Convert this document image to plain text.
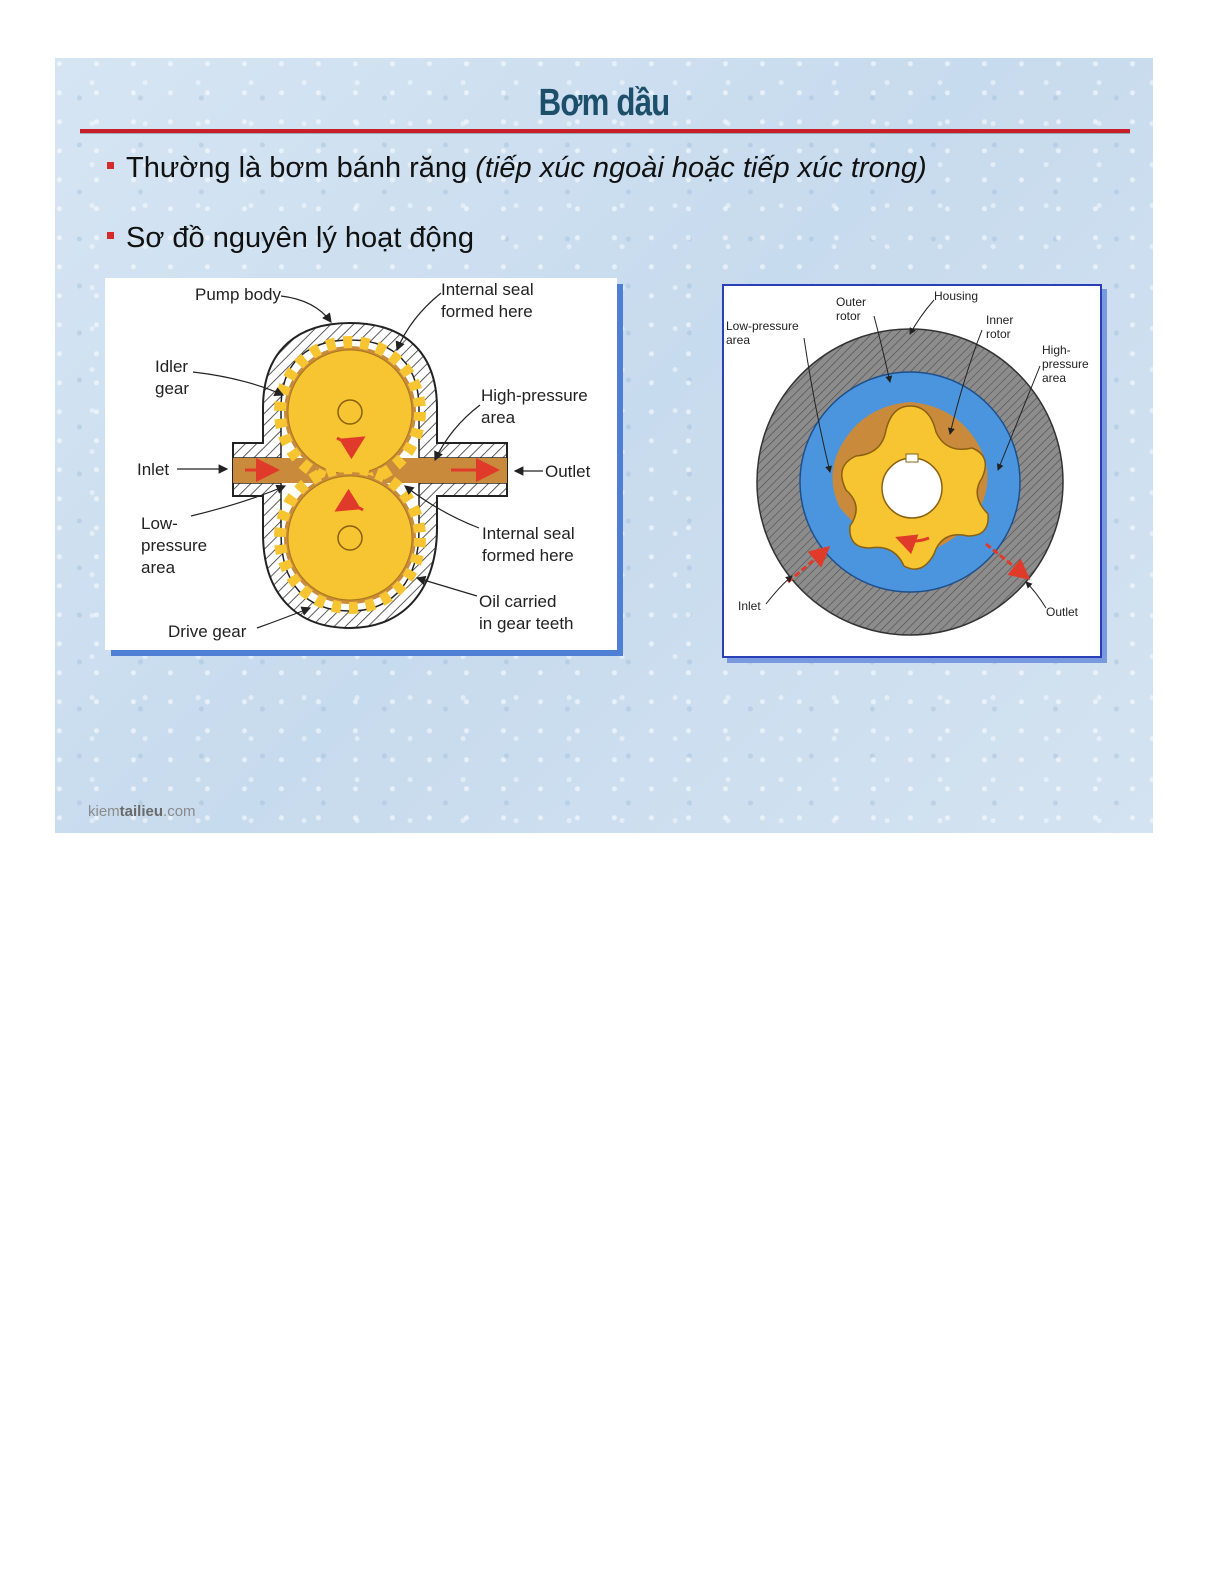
Bơm dầu
Thường là bơm bánh răng (tiếp xúc ngoài hoặc tiếp xúc trong)
Sơ đồ nguyên lý hoạt động
Pump body	Internal seal
formed here
Idler
gear	High-pressure
area
Inlet	Outlet
Low-
pressure
area
Internal seal
formed here
Oil carried
in gear teeth
Drive gear
Outer
rotor
Housing
Low-pressure
area
Inner
rotor
High-
pressure
area
Inlet	Outlet
kiemtailieu.com
